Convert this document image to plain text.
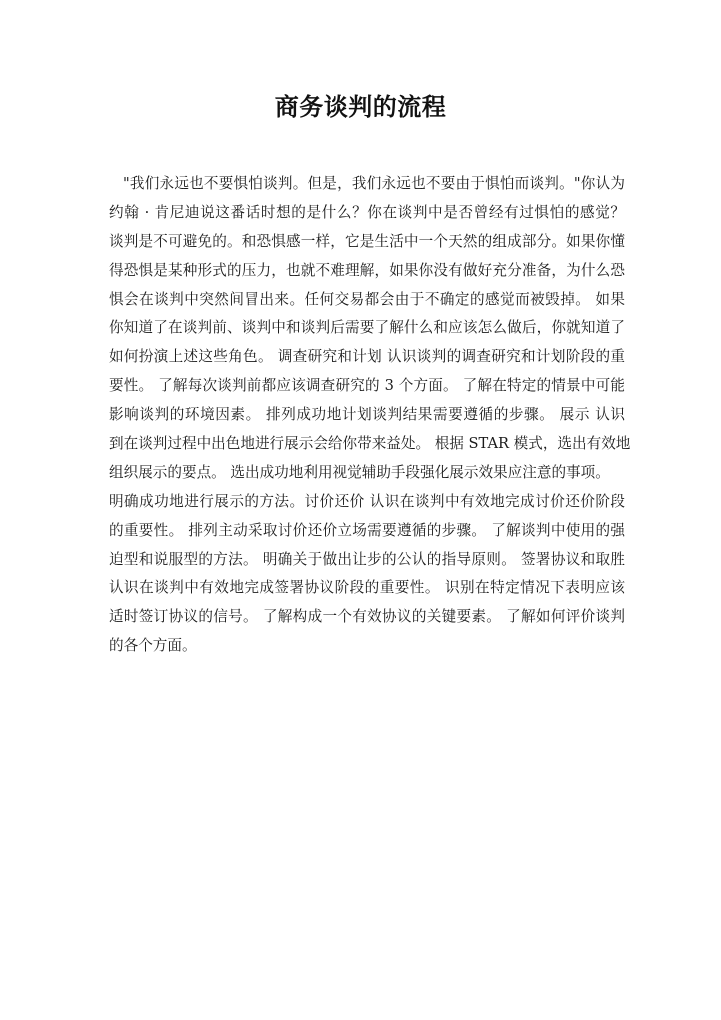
商务谈判的流程
"我们永远也不要惧怕谈判。但是，我们永远也不要由于惧怕而谈判。"你认为
约翰 · 肯尼迪说这番话时想的是什么？你在谈判中是否曾经有过惧怕的感觉？
谈判是不可避免的。和恐惧感一样，它是生活中一个天然的组成部分。如果你懂
得恐惧是某种形式的压力，也就不难理解，如果你没有做好充分准备，为什么恐
惧会在谈判中突然间冒出来。任何交易都会由于不确定的感觉而被毁掉。 如果
你知道了在谈判前、谈判中和谈判后需要了解什么和应该怎么做后，你就知道了
如何扮演上述这些角色。 调查研究和计划 认识谈判的调查研究和计划阶段的重
要性。 了解每次谈判前都应该调查研究的 3 个方面。 了解在特定的情景中可能
影响谈判的环境因素。 排列成功地计划谈判结果需要遵循的步骤。 展示 认识
到在谈判过程中出色地进行展示会给你带来益处。 根据 STAR 模式，选出有效地
组织展示的要点。 选出成功地利用视觉辅助手段强化展示效果应注意的事项。
明确成功地进行展示的方法。讨价还价 认识在谈判中有效地完成讨价还价阶段
的重要性。 排列主动采取讨价还价立场需要遵循的步骤。 了解谈判中使用的强
迫型和说服型的方法。 明确关于做出让步的公认的指导原则。 签署协议和取胜
认识在谈判中有效地完成签署协议阶段的重要性。 识别在特定情况下表明应该
适时签订协议的信号。 了解构成一个有效协议的关键要素。 了解如何评价谈判
的各个方面。
